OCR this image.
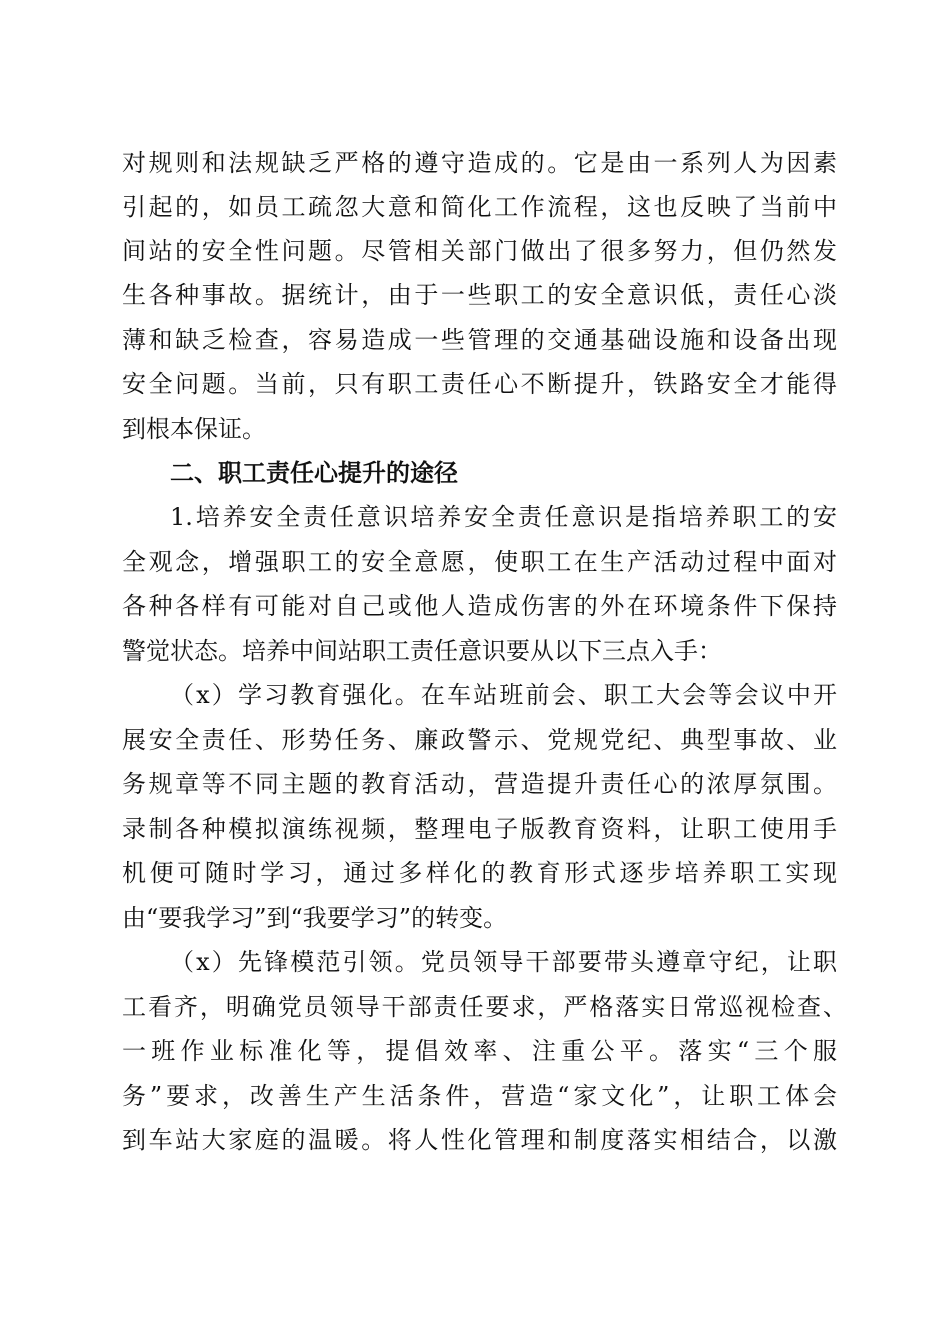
对规则和法规缺乏严格的遵守造成的。它是由一系列人为因素

引起的，如员工疏忽大意和简化工作流程，这也反映了当前中

间站的安全性问题。尽管相关部门做出了很多努力，但仍然发

生各种事故。据统计，由于一些职工的安全意识低，责任心淡

薄和缺乏检查，容易造成一些管理的交通基础设施和设备出现

安全问题。当前，只有职工责任心不断提升，铁路安全才能得

到根本保证。

二、职工责任心提升的途径

1.培养安全责任意识培养安全责任意识是指培养职工的安

全观念，增强职工的安全意愿，使职工在生产活动过程中面对

各种各样有可能对自己或他人造成伤害的外在环境条件下保持

警觉状态。培养中间站职工责任意识要从以下三点入手：

（x）学习教育强化。在车站班前会、职工大会等会议中开

展安全责任、形势任务、廉政警示、党规党纪、典型事故、业

务规章等不同主题的教育活动，营造提升责任心的浓厚氛围。

录制各种模拟演练视频，整理电子版教育资料，让职工使用手

机便可随时学习，通过多样化的教育形式逐步培养职工实现

由“要我学习”到“我要学习”的转变。

（x）先锋模范引领。党员领导干部要带头遵章守纪，让职

工看齐，明确党员领导干部责任要求，严格落实日常巡视检查、

一班作业标准化等，提倡效率、注重公平。落实“三个服

务”要求，改善生产生活条件，营造“家文化”，让职工体会

到车站大家庭的温暖。将人性化管理和制度落实相结合，以激
